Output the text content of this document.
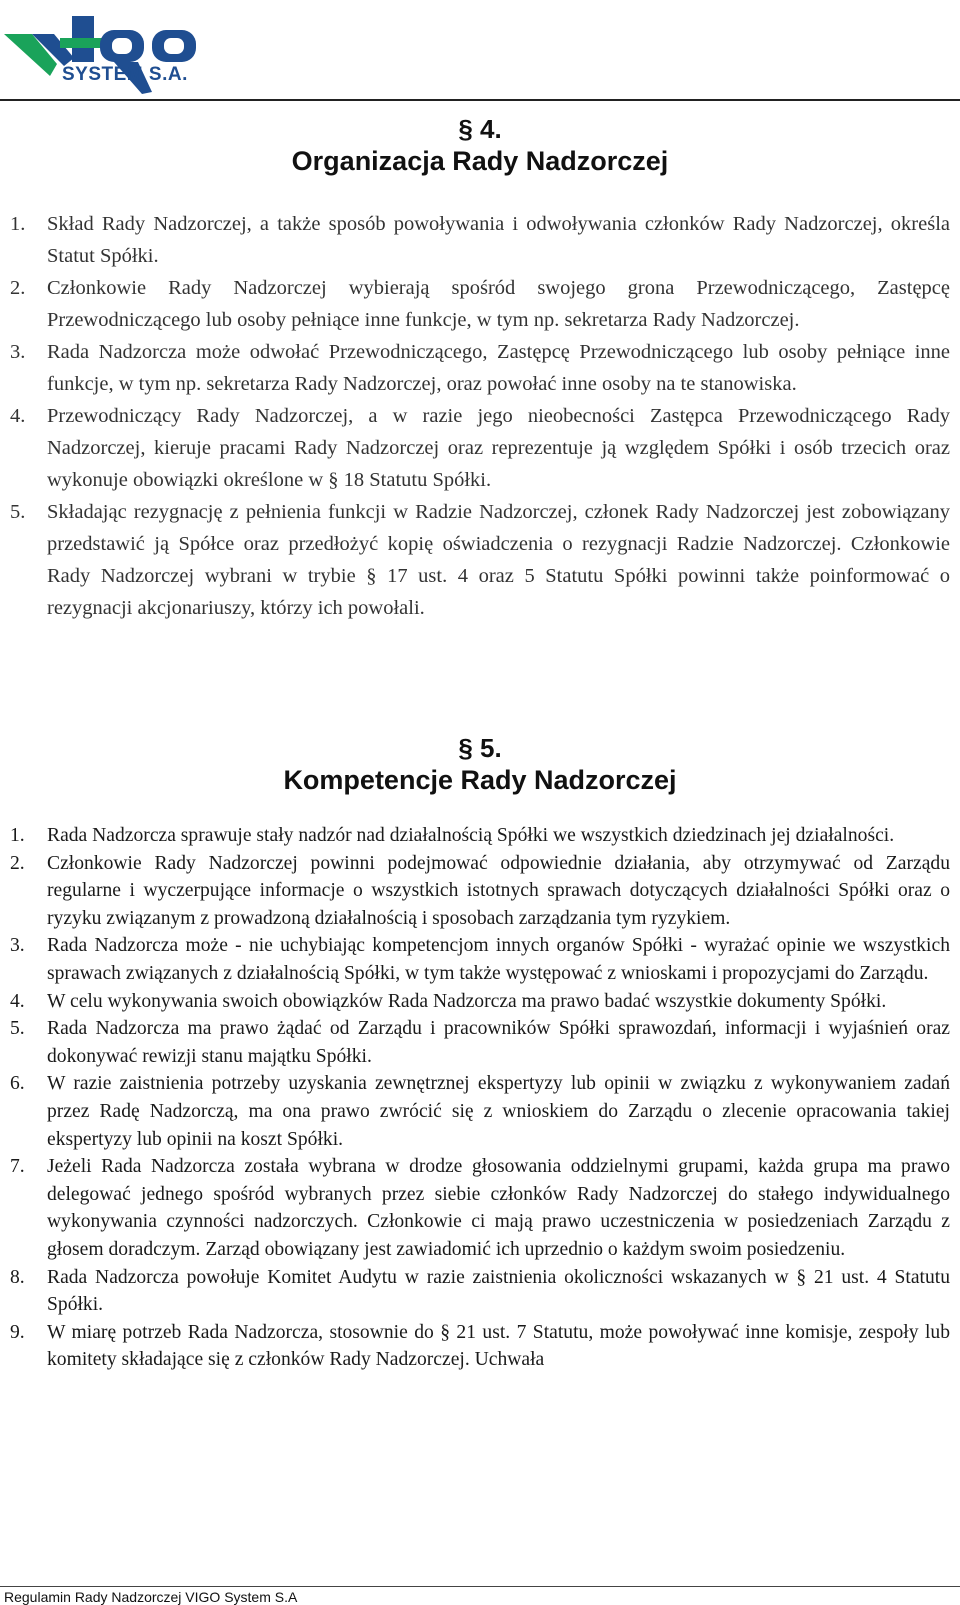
SYSTEM S.A.
§ 4.
Organizacja Rady Nadzorczej
1.	Skład Rady Nadzorczej, a także sposób powoływania i odwoływania członków Rady Nadzorczej, określa Statut Spółki.
2.	Członkowie Rady Nadzorczej wybierają spośród swojego grona Przewodniczącego, Zastępcę Przewodniczącego lub osoby pełniące inne funkcje, w tym np. sekretarza Rady Nadzorczej.
3.	Rada Nadzorcza może odwołać Przewodniczącego, Zastępcę Przewodniczącego lub osoby pełniące inne funkcje, w tym np. sekretarza Rady Nadzorczej, oraz powołać inne osoby na te stanowiska.
4.	Przewodniczący Rady Nadzorczej, a w razie jego nieobecności Zastępca Przewodniczącego Rady Nadzorczej, kieruje pracami Rady Nadzorczej oraz reprezentuje ją względem Spółki i osób trzecich oraz wykonuje obowiązki określone w § 18 Statutu Spółki.
5.	Składając rezygnację z pełnienia funkcji w Radzie Nadzorczej, członek Rady Nadzorczej jest zobowiązany przedstawić ją Spółce oraz przedłożyć kopię oświadczenia o rezygnacji Radzie Nadzorczej. Członkowie Rady Nadzorczej wybrani w trybie § 17 ust. 4 oraz 5 Statutu Spółki powinni także poinformować o rezygnacji akcjonariuszy, którzy ich powołali.
§ 5.
Kompetencje Rady Nadzorczej
1.	Rada Nadzorcza sprawuje stały nadzór nad działalnością Spółki we wszystkich dziedzinach jej działalności.
2.	Członkowie Rady Nadzorczej powinni podejmować odpowiednie działania, aby otrzymywać od Zarządu regularne i wyczerpujące informacje o wszystkich istotnych sprawach dotyczących działalności Spółki oraz o ryzyku związanym z prowadzoną działalnością i sposobach zarządzania tym ryzykiem.
3.	Rada Nadzorcza może - nie uchybiając kompetencjom innych organów Spółki - wyrażać opinie we wszystkich sprawach związanych z działalnością Spółki, w tym także występować z wnioskami i propozycjami do Zarządu.
4.	W celu wykonywania swoich obowiązków Rada Nadzorcza ma prawo badać wszystkie dokumenty Spółki.
5.	Rada Nadzorcza ma prawo żądać od Zarządu i pracowników Spółki sprawozdań, informacji i wyjaśnień oraz dokonywać rewizji stanu majątku Spółki.
6.	W razie zaistnienia potrzeby uzyskania zewnętrznej ekspertyzy lub opinii w związku z wykonywaniem zadań przez Radę Nadzorczą, ma ona prawo zwrócić się z wnioskiem do Zarządu o zlecenie opracowania takiej ekspertyzy lub opinii na koszt Spółki.
7.	Jeżeli Rada Nadzorcza została wybrana w drodze głosowania oddzielnymi grupami, każda grupa ma prawo delegować jednego spośród wybranych przez siebie członków Rady Nadzorczej do stałego indywidualnego wykonywania czynności nadzorczych. Członkowie ci mają prawo uczestniczenia w posiedzeniach Zarządu z głosem doradczym. Zarząd obowiązany jest zawiadomić ich uprzednio o każdym swoim posiedzeniu.
8.	Rada Nadzorcza powołuje Komitet Audytu w razie zaistnienia okoliczności wskazanych w § 21 ust. 4 Statutu Spółki.
9.	W miarę potrzeb Rada Nadzorcza, stosownie do § 21 ust. 7 Statutu, może powoływać inne komisje, zespoły lub komitety składające się z członków Rady Nadzorczej. Uchwała
Regulamin Rady Nadzorczej VIGO System S.A
